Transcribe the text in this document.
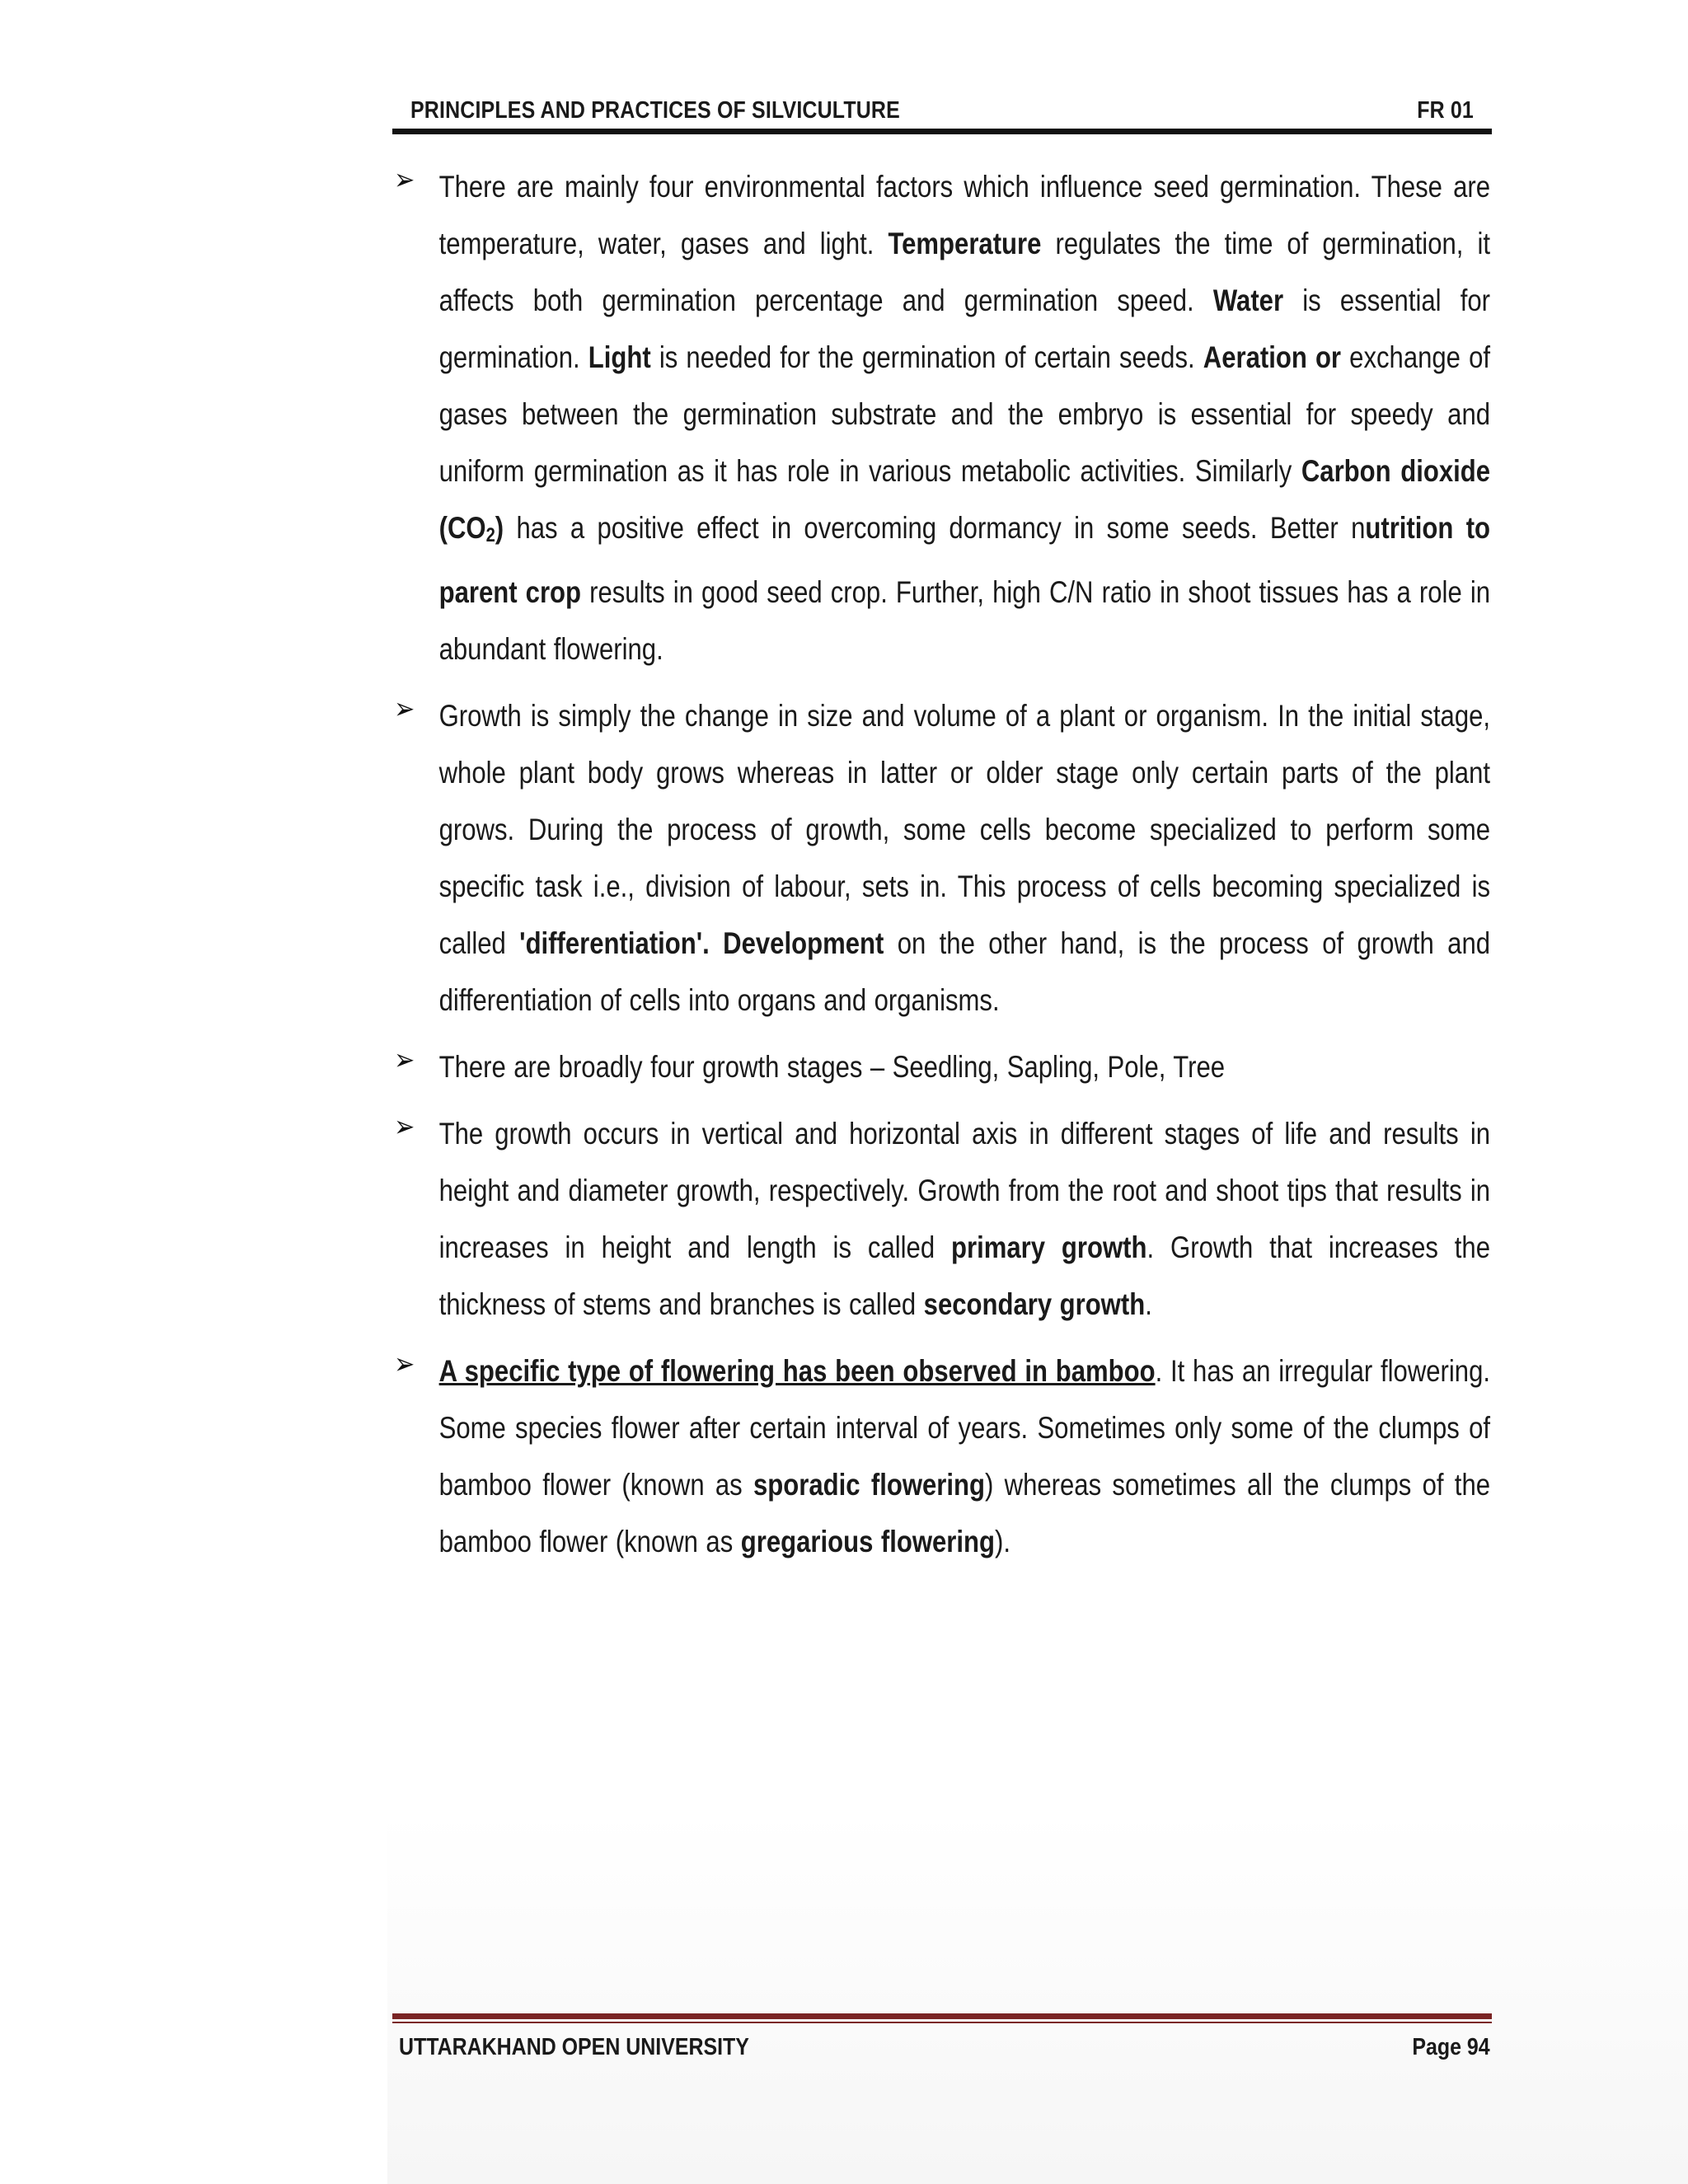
PRINCIPLES AND PRACTICES OF SILVICULTURE	FR 01
➢ There are mainly four environmental factors which influence seed germination. These are temperature, water, gases and light. Temperature regulates the time of germination, it affects both germination percentage and germination speed. Water is essential for germination. Light is needed for the germination of certain seeds. Aeration or exchange of gases between the germination substrate and the embryo is essential for speedy and uniform germination as it has role in various metabolic activities. Similarly Carbon dioxide $(CO_2)$ has a positive effect in overcoming dormancy in some seeds. Better nutrition to parent crop results in good seed crop. Further, high C/N ratio in shoot tissues has a role in abundant flowering.

➢ Growth is simply the change in size and volume of a plant or organism. In the initial stage, whole plant body grows whereas in latter or older stage only certain parts of the plant grows. During the process of growth, some cells become specialized to perform some specific task i.e., division of labour, sets in. This process of cells becoming specialized is called 'differentiation'. Development on the other hand, is the process of growth and differentiation of cells into organs and organisms.

➢ There are broadly four growth stages – Seedling, Sapling, Pole, Tree

➢ The growth occurs in vertical and horizontal axis in different stages of life and results in height and diameter growth, respectively. Growth from the root and shoot tips that results in increases in height and length is called primary growth. Growth that increases the thickness of stems and branches is called secondary growth.

➢ A specific type of flowering has been observed in bamboo. It has an irregular flowering. Some species flower after certain interval of years. Sometimes only some of the clumps of bamboo flower (known as sporadic flowering) whereas sometimes all the clumps of the bamboo flower (known as gregarious flowering).

UTTARAKHAND OPEN UNIVERSITY	Page 94
